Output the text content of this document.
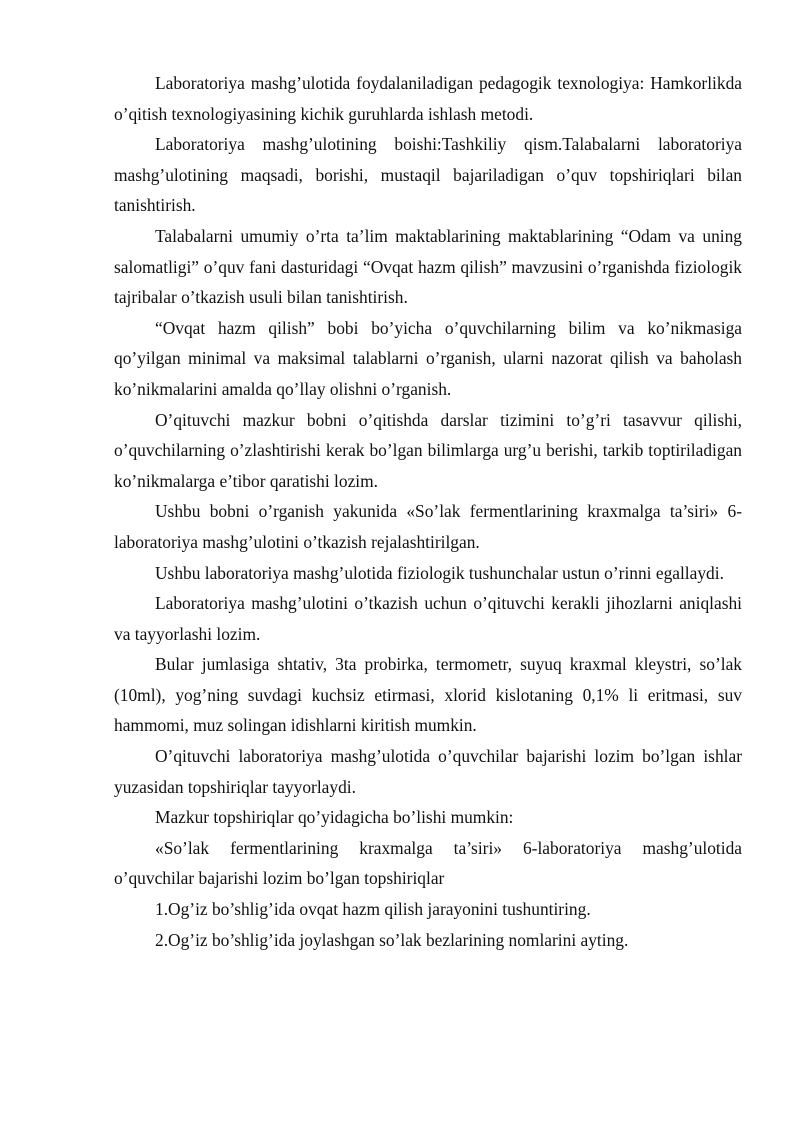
Laboratoriya mashg’ulotida foydalaniladigan pedagogik texnologiya: Hamkorlikda o’qitish texnologiyasining kichik guruhlarda ishlash metodi.

Laboratoriya mashg’ulotining boishi:Tashkiliy qism.Talabalarni laboratoriya mashg’ulotining maqsadi, borishi, mustaqil bajariladigan o’quv topshiriqlari bilan tanishtirish.

Talabalarni umumiy o’rta ta’lim maktablarining maktablarining “Odam va uning salomatligi” o’quv fani dasturidagi “Ovqat hazm qilish” mavzusini o’rganishda fiziologik tajribalar o’tkazish usuli bilan tanishtirish.

“Ovqat hazm qilish” bobi bo’yicha o’quvchilarning bilim va ko’nikmasiga qo’yilgan minimal va maksimal talablarni o’rganish, ularni nazorat qilish va baholash ko’nikmalarini amalda qo’llay olishni o’rganish.

O’qituvchi mazkur bobni o’qitishda darslar tizimini to’g’ri tasavvur qilishi, o’quvchilarning o’zlashtirishi kerak bo’lgan bilimlarga urg’u berishi, tarkib toptiriladigan ko’nikmalarga e’tibor qaratishi lozim.

Ushbu bobni o’rganish yakunida «So’lak fermentlarining kraxmalga ta’siri» 6-laboratoriya mashg’ulotini o’tkazish rejalashtirilgan.

Ushbu laboratoriya mashg’ulotida fiziologik tushunchalar ustun o’rinni egallaydi.

Laboratoriya mashg’ulotini o’tkazish uchun o’qituvchi kerakli jihozlarni aniqlashi va tayyorlashi lozim.

Bular jumlasiga shtativ, 3ta probirka, termometr, suyuq kraxmal kleystri, so’lak (10ml), yog’ning suvdagi kuchsiz etirmasi, xlorid kislotaning 0,1% li eritmasi, suv hammomi, muz solingan idishlarni kiritish mumkin.

O’qituvchi laboratoriya mashg’ulotida o’quvchilar bajarishi lozim bo’lgan ishlar yuzasidan topshiriqlar tayyorlaydi.

Mazkur topshiriqlar qo’yidagicha bo’lishi mumkin:

«So’lak fermentlarining kraxmalga ta’siri» 6-laboratoriya mashg’ulotida o’quvchilar bajarishi lozim bo’lgan topshiriqlar

1.Og’iz bo’shlig’ida ovqat hazm qilish jarayonini tushuntiring.

2.Og’iz bo’shlig’ida joylashgan so’lak bezlarining nomlarini ayting.
